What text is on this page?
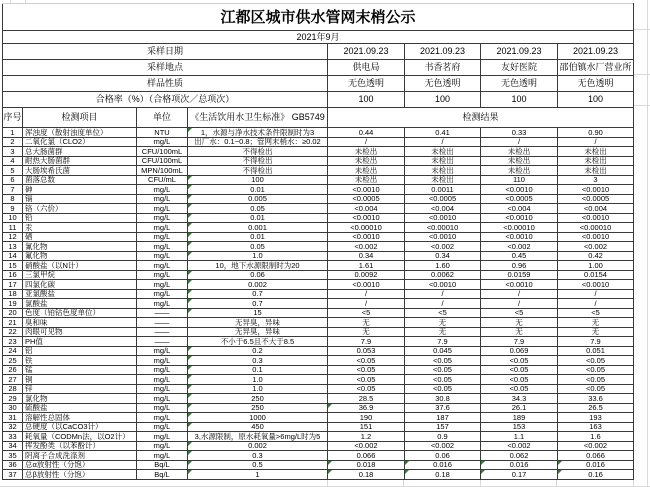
江都区城市供水管网末梢公示							
2021年9月							
采样日期				2021.09.23	2021.09.23	2021.09.23	2021.09.23
采样地点				供电局	书香茗府	友好医院	邵伯镇水厂营业所
样品性质				无色透明	无色透明	无色透明	无色透明
合格率（%）（合格项次／总项次）				100	100	100	100
序号	检测项目	单位	《生活饮用水卫生标准》 GB5749	检测结果			
1	浑浊度（散射浊度单位）	NTU	1，水源与净水技术条件限制时为3	0.44	0.41	0.33	0.90
2	二氧化氯（CLO2）	mg/L	出厂水：0.1~0.8；管网末梢水：≥0.02	/	/	/	/
3	总大肠菌群	CFU/100mL	不得检出	未检出	未检出	未检出	未检出
4	耐热大肠菌群	CFU/100mL	不得检出	未检出	未检出	未检出	未检出
5	大肠埃希氏菌	MPN/100mL	不得检出	未检出	未检出	未检出	未检出
6	菌落总数	CFU/mL	100	未检出	未检出	110	3
7	砷	mg/L	0.01	<0.0010	0.0011	<0.0010	<0.0010
8	镉	mg/L	0.005	<0.0005	<0.0005	<0.0005	<0.0005
9	铬（六价）	mg/L	0.05	<0.004	<0.004	<0.004	<0.004
10	铅	mg/L	0.01	<0.0010	<0.0010	<0.0010	<0.0010
11	汞	mg/L	0.001	<0.00010	<0.00010	<0.00010	<0.00010
12	硒	mg/L	0.01	<0.0010	<0.0010	<0.0010	<0.0010
13	氰化物	mg/L	0.05	<0.002	<0.002	<0.002	<0.002
14	氟化物	mg/L	1.0	0.34	0.34	0.45	0.42
15	硝酸盐（以N计）	mg/L	10，地下水源限制时为20	1.61	1.60	0.96	1.00
16	三氯甲烷	mg/L	0.06	0.0092	0.0062	0.0159	0.0154
17	四氯化碳	mg/L	0.002	<0.0010	<0.0010	<0.0010	<0.0010
18	亚氯酸盐	mg/L	0.7	/	/	/	/
19	氯酸盐	mg/L	0.7	/	/	/	/
20	色度（铂钴色度单位）	——	15	<5	<5	<5	<5
21	臭和味	——	无异臭，异味	无	无	无	无
22	肉眼可见物	——	无异臭，异味	无	无	无	无
23	PH值	——	不小于6.5且不大于8.5	7.9	7.9	7.9	7.9
24	铝	mg/L	0.2	0.053	0.045	0.069	0.051
25	铁	mg/L	0.3	<0.05	<0.05	<0.05	<0.05
26	锰	mg/L	0.1	<0.05	<0.05	<0.05	<0.05
27	铜	mg/L	1.0	<0.05	<0.05	<0.05	<0.05
28	锌	mg/L	1.0	<0.05	<0.05	<0.05	<0.05
29	氯化物	mg/L	250	28.5	30.8	34.3	33.6
30	硫酸盐	mg/L	250	36.9	37.6	26.1	26.5
31	溶解性总固体	mg/L	1000	190	187	189	193
32	总硬度（以CaCO3计）	mg/L	450	151	157	153	163
33	耗氧量（CODMn法，以O2计）	mg/L	3,水源限制，原水耗氧量>6mg/L时为5	1.2	0.9	1.1	1.6
34	挥发酚类（以苯酚计）	mg/L	0.002	<0.002	<0.002	<0.002	<0.002
35	阴离子合成洗涤剂	mg/L	0.3	0.066	0.06	0.062	0.066
36	总α放射性（分饱）	Bq/L	0.5	0.018	0.016	0.016	0.016

37	总β放射性（分饱）	Bq/L	1	0.18	0.18	0.17	0.16
